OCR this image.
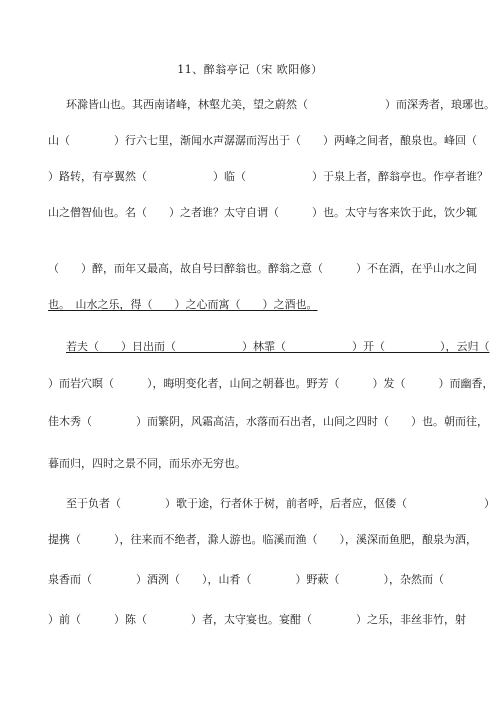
11、醉翁亭记（宋 欧阳修）
环滁皆山也。其西南诸峰，林壑尤美，望之蔚然（　　　　　　　）而深秀者，琅琊也。
山（　　　　）行六七里，渐闻水声潺潺而泻出于（　　）两峰之间者，酿泉也。峰回（
）路转，有亭翼然（　　　　　　）临（　　　　　　）于泉上者，醉翁亭也。作亭者谁？
山之僧智仙也。名（　　）之者谁？太守自谓（　　　）也。太守与客来饮于此，饮少辄
（　　）醉，而年又最高，故自号曰醉翁也。醉翁之意（　　　）不在酒，在乎山水之间
也。　山水之乐，得（　　）之心而寓（　　）之酒也。
若夫（　　）日出而（　　　　　　）林霏（　　　　　　）开（　　　　　），云归（
）而岩穴暝（　　　），晦明变化者，山间之朝暮也。野芳（　　　）发（　　　）而幽香，
佳木秀（　　　　）而繁阴，风霜高洁，水落而石出者，山间之四时（　　）也。朝而往，
暮而归，四时之景不同，而乐亦无穷也。
至于负者（　　　　）歌于途，行者休于树，前者呼，后者应，伛偻（　　　　　　　）
提携（　　　），往来而不绝者，滁人游也。临溪而渔（　　），溪深而鱼肥，酿泉为酒，
泉香而（　　　　）酒洌（　　），山肴（　　　　）野蔌（　　　　），杂然而（　　　
）前（　　　）陈（　　　　）者，太守宴也。宴酣（　　　　）之乐，非丝非竹，射
